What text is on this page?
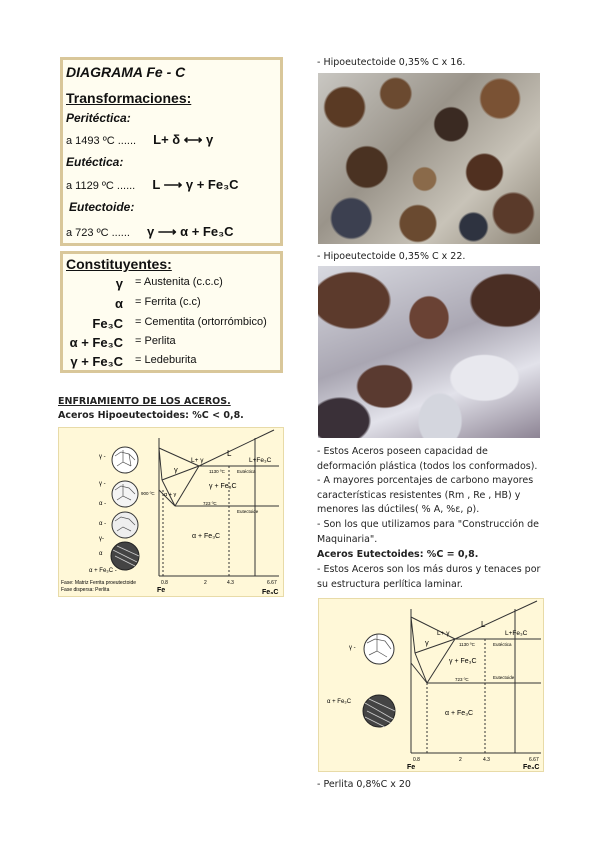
DIAGRAMA Fe - C
Transformaciones:
Peritéctica:
a 1493 ºC ...... L+ δ ⟷ γ
Eutéctica:
a 1129 ºC ...... L ⟶ γ + Fe₃C
Eutectoide:
a 723 ºC ...... γ ⟶ α + Fe₃C
Constituyentes:
γ = Austenita (c.c.c)
α = Ferrita (c.c)
Fe₃C = Cementita (ortorrómbico)
α + Fe₃C = Perlita
γ + Fe₃C = Ledeburita
ENFRIAMIENTO DE LOS ACEROS.
Aceros Hipoeutectoides: %C < 0,8.
L
L+Fe₃C
L+ γ
γ
γ + Fe₃C
α + Fe₃C
α + γ
723 ºC
1130 ºC	Eutéctica
Eutectoide
900 ºC
0.8	2	4.3	6.67
Fe	Fe₃C
Fase: Matriz Ferrita proeutectoide
Fase dispersa: Perlita
γ -
γ -
α -
α -
γ-
α
α + Fe₃C -
- Hipoeutectoide 0,35% C x 16.
- Hipoeutectoide 0,35% C x 22.
- Estos Aceros poseen capacidad de deformación plástica (todos los conformados).
- A mayores porcentajes de carbono mayores características resistentes (Rm , Re , HB) y menores las dúctiles( % A, %ε, ρ).
- Son los que utilizamos para "Construcción de Maquinaria".
Aceros Eutectoides: %C = 0,8.
- Estos Aceros son los más duros y tenaces por su estructura perlítica laminar.
L
L+Fe₃C
L+ γ
γ
γ + Fe₃C
α + Fe₃C
α + Fe₃C
723 ºC
1130 ºC	Eutéctica
Eutectoide
0.8	2	4.3	6.67
Fe	Fe₃C
γ -
- Perlita 0,8%C x 20
